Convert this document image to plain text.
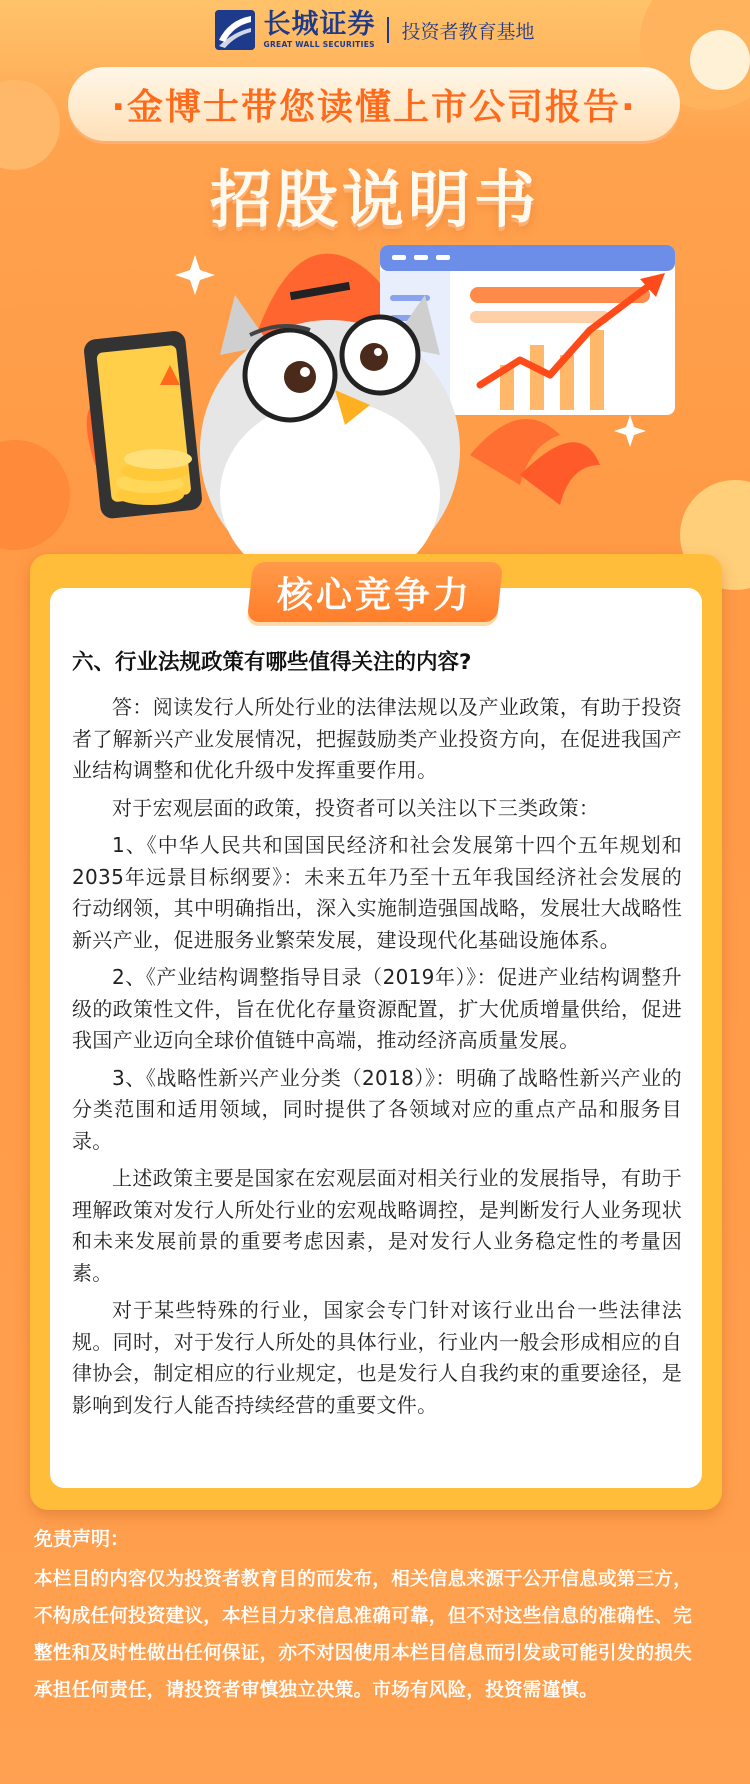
长城证券
GREAT WALL SECURITIES
投资者教育基地
·金博士带您读懂上市公司报告·
招股说明书
核心竞争力

六、行业法规政策有哪些值得关注的内容?

答：阅读发行人所处行业的法律法规以及产业政策，有助于投资者了解新兴产业发展情况，把握鼓励类产业投资方向，在促进我国产业结构调整和优化升级中发挥重要作用。

对于宏观层面的政策，投资者可以关注以下三类政策：

1、《中华人民共和国国民经济和社会发展第十四个五年规划和2035年远景目标纲要》：未来五年乃至十五年我国经济社会发展的行动纲领，其中明确指出，深入实施制造强国战略，发展壮大战略性新兴产业，促进服务业繁荣发展，建设现代化基础设施体系。

2、《产业结构调整指导目录（2019年）》：促进产业结构调整升级的政策性文件，旨在优化存量资源配置，扩大优质增量供给，促进我国产业迈向全球价值链中高端，推动经济高质量发展。

3、《战略性新兴产业分类（2018）》：明确了战略性新兴产业的分类范围和适用领域，同时提供了各领域对应的重点产品和服务目录。

上述政策主要是国家在宏观层面对相关行业的发展指导，有助于理解政策对发行人所处行业的宏观战略调控，是判断发行人业务现状和未来发展前景的重要考虑因素，是对发行人业务稳定性的考量因素。

对于某些特殊的行业，国家会专门针对该行业出台一些法律法规。同时，对于发行人所处的具体行业，行业内一般会形成相应的自律协会，制定相应的行业规定，也是发行人自我约束的重要途径，是影响到发行人能否持续经营的重要文件。

免责声明：

本栏目的内容仅为投资者教育目的而发布，相关信息来源于公开信息或第三方，不构成任何投资建议，本栏目力求信息准确可靠，但不对这些信息的准确性、完整性和及时性做出任何保证，亦不对因使用本栏目信息而引发或可能引发的损失承担任何责任，请投资者审慎独立决策。市场有风险，投资需谨慎。
